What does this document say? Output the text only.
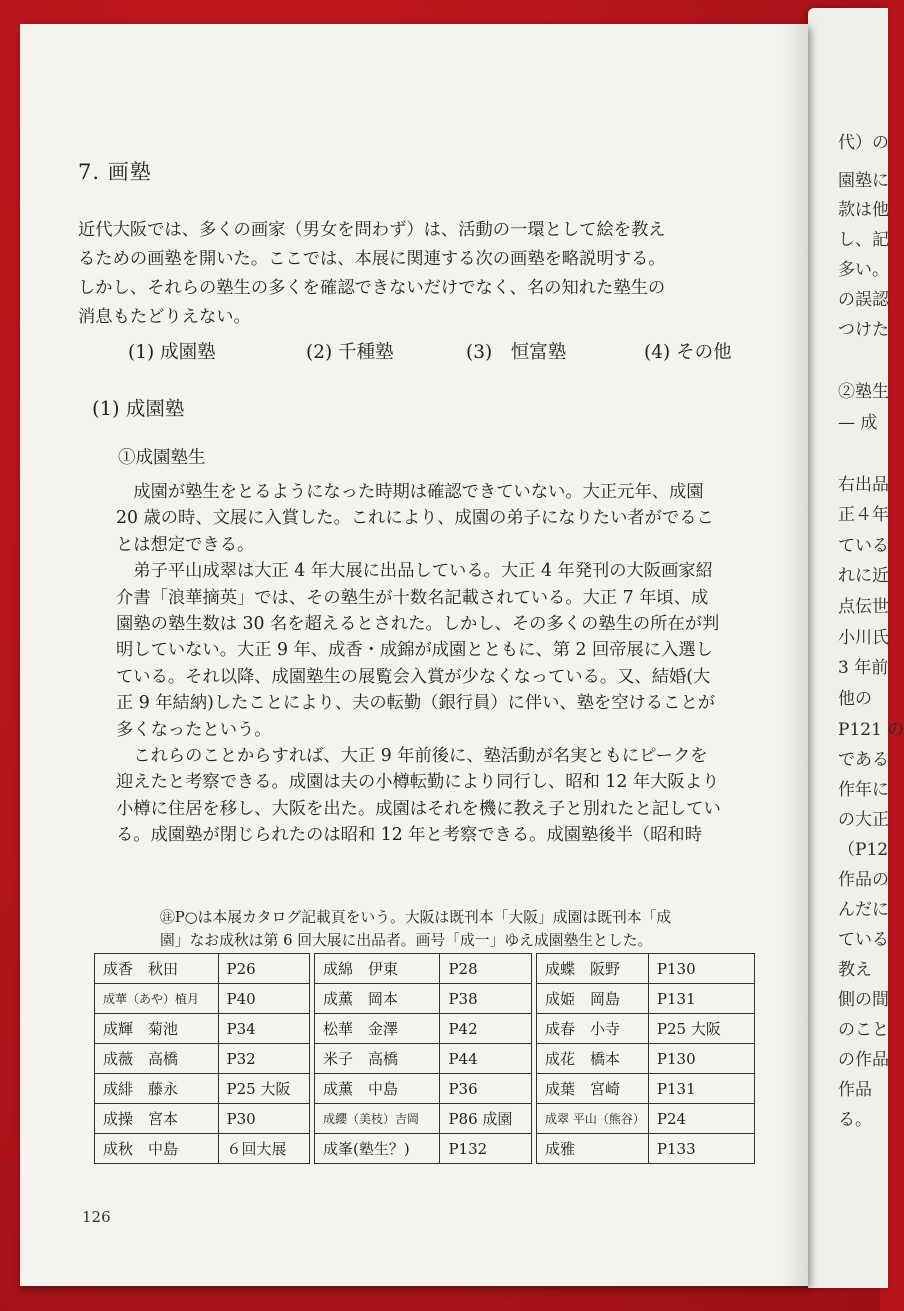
代）の
園塾に
款は他
し、記
多い。
の誤認
つけた
②塾生
— 成
右出品
正４年
ている
れに近
点伝世
小川氏
3 年前
他の
P121 の
である
作年に
の大正
（P12
作品の
んだに
ている
教え
側の間
のこと
の作品
作品
る。
7. 画塾
近代大阪では、多くの画家（男女を問わず）は、活動の一環として絵を教え
るための画塾を開いた。ここでは、本展に関連する次の画塾を略説明する。
しかし、それらの塾生の多くを確認できないだけでなく、名の知れた塾生の
消息もたどりえない。
(1) 成園塾	(2) 千種塾	(3)　恒富塾	(4) その他
(1) 成園塾
①成園塾生
　成園が塾生をとるようになった時期は確認できていない。大正元年、成園
20 歳の時、文展に入賞した。これにより、成園の弟子になりたい者がでるこ
とは想定できる。
　弟子平山成翠は大正 4 年大展に出品している。大正 4 年発刊の大阪画家紹
介書「浪華摘英」では、その塾生が十数名記載されている。大正 7 年頃、成
園塾の塾生数は 30 名を超えるとされた。しかし、その多くの塾生の所在が判
明していない。大正 9 年、成香・成錦が成園とともに、第 2 回帝展に入選し
ている。それ以降、成園塾生の展覧会入賞が少なくなっている。又、結婚(大
正 9 年結納)したことにより、夫の転勤（銀行員）に伴い、塾を空けることが
多くなったという。
　これらのことからすれば、大正 9 年前後に、塾活動が名実ともにピークを
迎えたと考察できる。成園は夫の小樽転勤により同行し、昭和 12 年大阪より
小樽に住居を移し、大阪を出た。成園はそれを機に教え子と別れたと記してい
る。成園塾が閉じられたのは昭和 12 年と考察できる。成園塾後半（昭和時
㊟P○は本展カタログ記載頁をいう。大阪は既刊本「大阪」成園は既刊本「成
園」なお成秋は第 6 回大展に出品者。画号「成一」ゆえ成園塾生とした。
成香　秋田	P26
成華（あや）植月	P40
成輝　菊池	P34
成薇　高橋	P32
成緋　藤永	P25 大阪
成操　宮本	P30
成秋　中島	６回大展
成綿　伊東	P28
成薫　岡本	P38
松華　金澤	P42
米子　高橋	P44
成薫　中島	P36
成纓（美枝）吉岡	P86 成園
成峯(塾生？)	P132
成蝶　阪野	P130
成姫　岡島	P131
成春　小寺	P25 大阪
成花　橋本	P130
成葉　宮崎	P131
成翠 平山（熊谷）	P24
成雅	P133
126
